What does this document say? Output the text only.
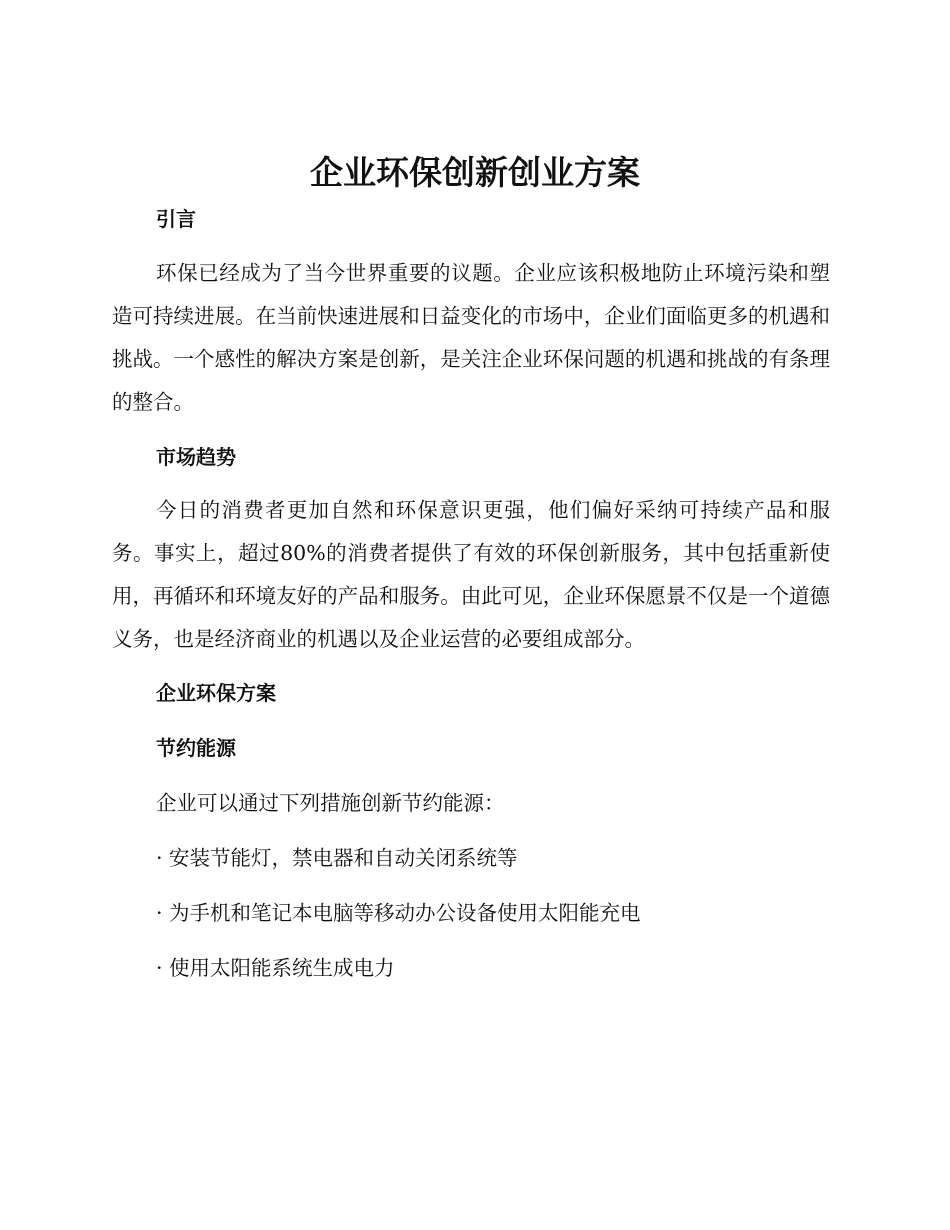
企业环保创新创业方案
引言

环保已经成为了当今世界重要的议题。企业应该积极地防止环境污染和塑造可持续进展。在当前快速进展和日益变化的市场中，企业们面临更多的机遇和挑战。一个感性的解决方案是创新，是关注企业环保问题的机遇和挑战的有条理的整合。

市场趋势

今日的消费者更加自然和环保意识更强，他们偏好采纳可持续产品和服务。事实上，超过80%的消费者提供了有效的环保创新服务，其中包括重新使用，再循环和环境友好的产品和服务。由此可见，企业环保愿景不仅是一个道德义务，也是经济商业的机遇以及企业运营的必要组成部分。

企业环保方案
节约能源

企业可以通过下列措施创新节约能源：

· 安装节能灯，禁电器和自动关闭系统等

· 为手机和笔记本电脑等移动办公设备使用太阳能充电

· 使用太阳能系统生成电力
